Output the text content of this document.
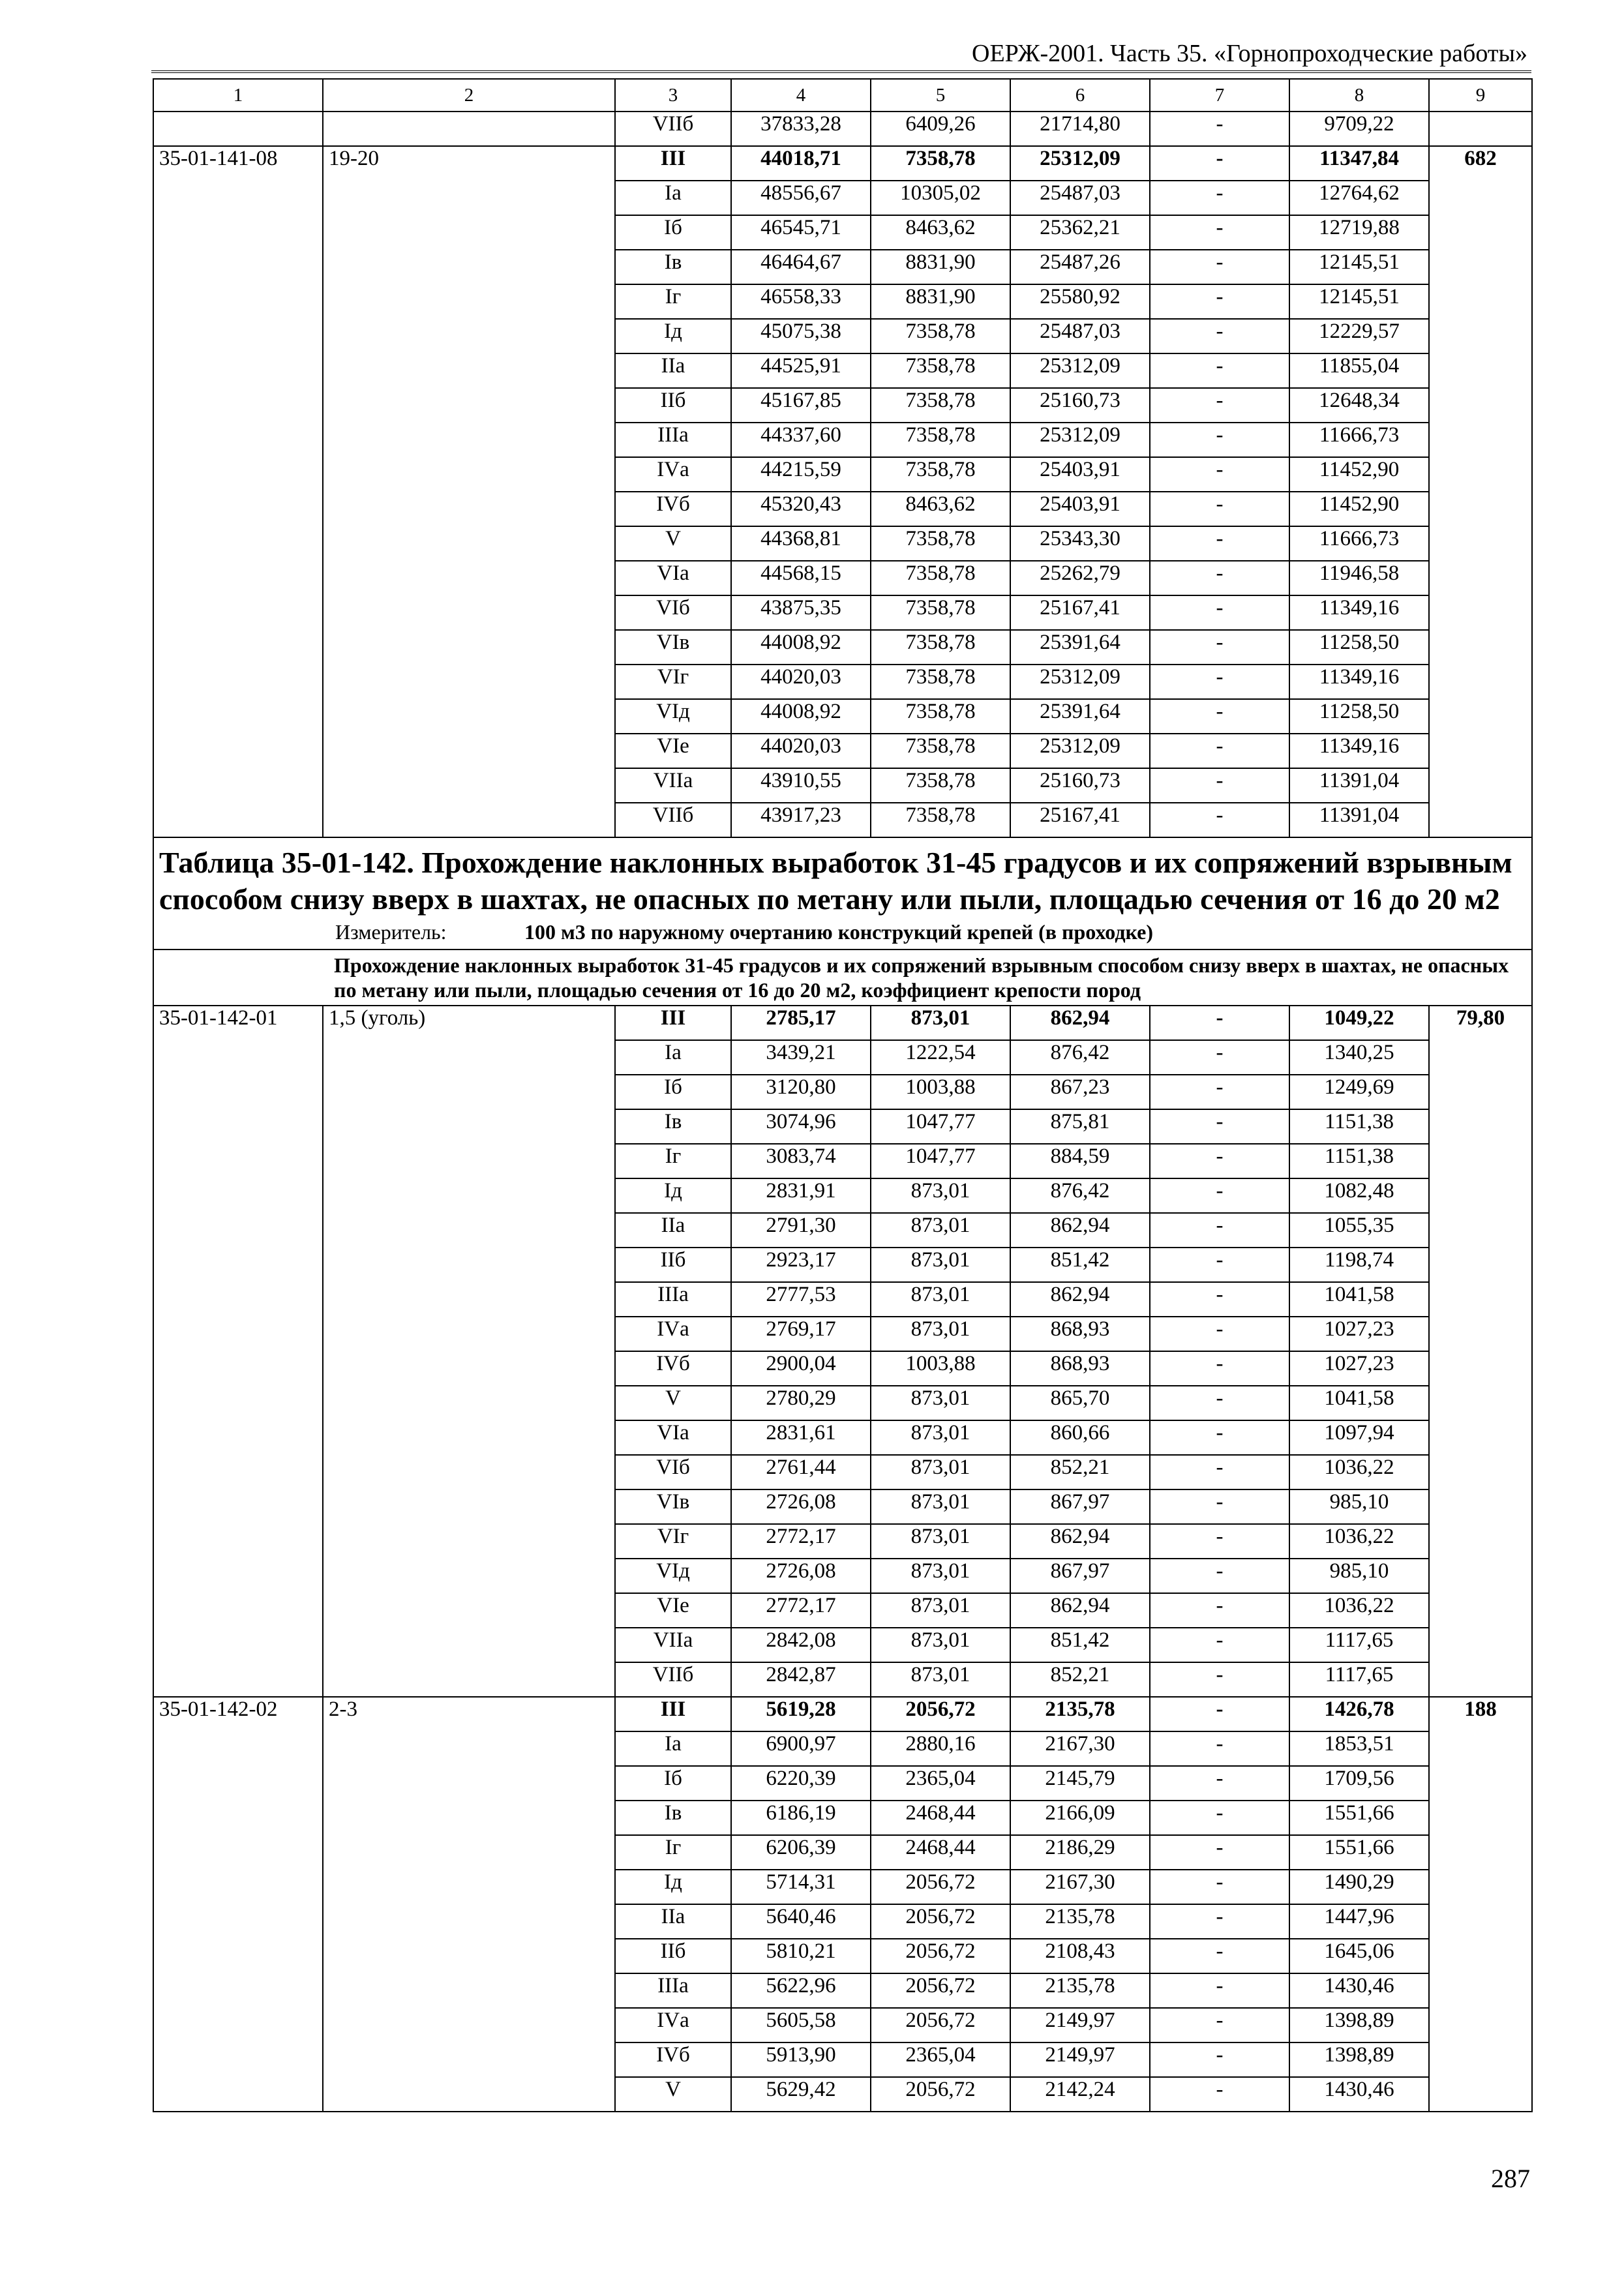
ОЕРЖ-2001. Часть 35. «Горнопроходческие работы»
1	2	3	4	5	6	7	8	9
		VIIб	37833,28	6409,26	21714,80	-	9709,22	
35-01-141-08	19-20	III	44018,71	7358,78	25312,09	-	11347,84	682
		Iа	48556,67	10305,02	25487,03	-	12764,62	
		Iб	46545,71	8463,62	25362,21	-	12719,88	
		Iв	46464,67	8831,90	25487,26	-	12145,51	
		Iг	46558,33	8831,90	25580,92	-	12145,51	
		Iд	45075,38	7358,78	25487,03	-	12229,57	
		IIа	44525,91	7358,78	25312,09	-	11855,04	
		IIб	45167,85	7358,78	25160,73	-	12648,34	
		IIIа	44337,60	7358,78	25312,09	-	11666,73	
		IVа	44215,59	7358,78	25403,91	-	11452,90	
		IVб	45320,43	8463,62	25403,91	-	11452,90	
		V	44368,81	7358,78	25343,30	-	11666,73	
		VIа	44568,15	7358,78	25262,79	-	11946,58	
		VIб	43875,35	7358,78	25167,41	-	11349,16	
		VIв	44008,92	7358,78	25391,64	-	11258,50	
		VIг	44020,03	7358,78	25312,09	-	11349,16	
		VIд	44008,92	7358,78	25391,64	-	11258,50	
		VIе	44020,03	7358,78	25312,09	-	11349,16	
		VIIа	43910,55	7358,78	25160,73	-	11391,04	
		VIIб	43917,23	7358,78	25167,41	-	11391,04	

Таблица 35-01-142. Прохождение наклонных выработок 31-45 градусов и их сопряжений взрывным способом снизу вверх в шахтах, не опасных по метану или пыли, площадью сечения от 16 до 20 м2
Измеритель: 100 м3 по наружному очертанию конструкций крепей (в проходке)								

Прохождение наклонных выработок 31-45 градусов и их сопряжений взрывным способом снизу вверх в шахтах, не опасных по метану или пыли, площадью сечения от 16 до 20 м2, коэффициент крепости пород								
35-01-142-01	1,5 (уголь)	III	2785,17	873,01	862,94	-	1049,22	79,80
		Iа	3439,21	1222,54	876,42	-	1340,25	
		Iб	3120,80	1003,88	867,23	-	1249,69	
		Iв	3074,96	1047,77	875,81	-	1151,38	
		Iг	3083,74	1047,77	884,59	-	1151,38	
		Iд	2831,91	873,01	876,42	-	1082,48	
		IIа	2791,30	873,01	862,94	-	1055,35	
		IIб	2923,17	873,01	851,42	-	1198,74	
		IIIа	2777,53	873,01	862,94	-	1041,58	
		IVа	2769,17	873,01	868,93	-	1027,23	
		IVб	2900,04	1003,88	868,93	-	1027,23	
		V	2780,29	873,01	865,70	-	1041,58	
		VIа	2831,61	873,01	860,66	-	1097,94	
		VIб	2761,44	873,01	852,21	-	1036,22	
		VIв	2726,08	873,01	867,97	-	985,10	
		VIг	2772,17	873,01	862,94	-	1036,22	
		VIд	2726,08	873,01	867,97	-	985,10	
		VIе	2772,17	873,01	862,94	-	1036,22	
		VIIа	2842,08	873,01	851,42	-	1117,65	
		VIIб	2842,87	873,01	852,21	-	1117,65	
35-01-142-02	2-3	III	5619,28	2056,72	2135,78	-	1426,78	188
		Iа	6900,97	2880,16	2167,30	-	1853,51	
		Iб	6220,39	2365,04	2145,79	-	1709,56	
		Iв	6186,19	2468,44	2166,09	-	1551,66	
		Iг	6206,39	2468,44	2186,29	-	1551,66	
		Iд	5714,31	2056,72	2167,30	-	1490,29	
		IIа	5640,46	2056,72	2135,78	-	1447,96	
		IIб	5810,21	2056,72	2108,43	-	1645,06	
		IIIа	5622,96	2056,72	2135,78	-	1430,46	
		IVа	5605,58	2056,72	2149,97	-	1398,89	
		IVб	5913,90	2365,04	2149,97	-	1398,89	
		V	5629,42	2056,72	2142,24	-	1430,46	
287
